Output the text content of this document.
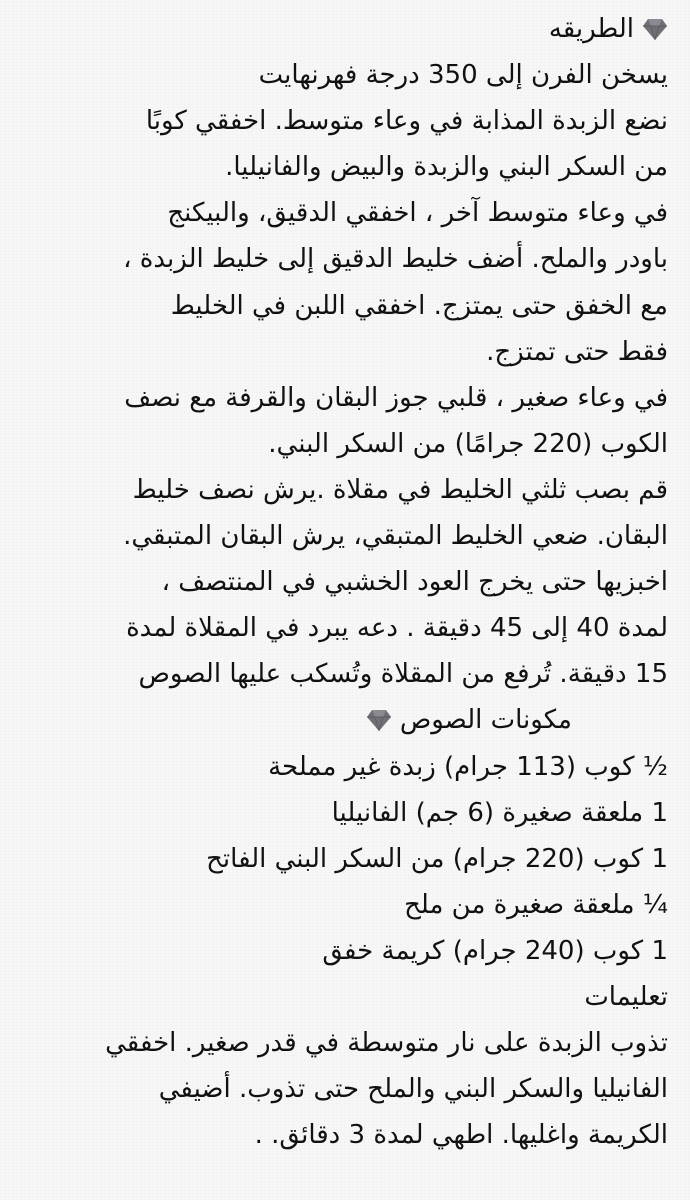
الطريقه
يسخن الفرن إلى 350 درجة فهرنهايت
نضع الزبدة المذابة في وعاء متوسط. اخفقي كوبًا
من السكر البني والزبدة والبيض والفانيليا.
في وعاء متوسط آخر ، اخفقي الدقيق، والبيكنج
باودر والملح. أضف خليط الدقيق إلى خليط الزبدة ،
مع الخفق حتى يمتزج. اخفقي اللبن في الخليط
فقط حتى تمتزج.
في وعاء صغير ، قلبي جوز البقان والقرفة مع نصف
الكوب (220 جرامًا) من السكر البني.
قم بصب ثلثي الخليط في مقلاة .يرش نصف خليط
البقان. ضعي الخليط المتبقي، يرش البقان المتبقي.
اخبزيها حتى يخرج العود الخشبي في المنتصف ،
لمدة 40 إلى 45 دقيقة . دعه يبرد في المقلاة لمدة
15 دقيقة. تُرفع من المقلاة وتُسكب عليها الصوص
مكونات الصوص
½ كوب (113 جرام) زبدة غير مملحة
1 ملعقة صغيرة (6 جم) الفانيليا
1 كوب (220 جرام) من السكر البني الفاتح
¼ ملعقة صغيرة من ملح
1 كوب (240 جرام) كريمة خفق
تعليمات
تذوب الزبدة على نار متوسطة في قدر صغير. اخفقي
الفانيليا والسكر البني والملح حتى تذوب. أضيفي
الكريمة واغليها. اطهي لمدة 3 دقائق. .
